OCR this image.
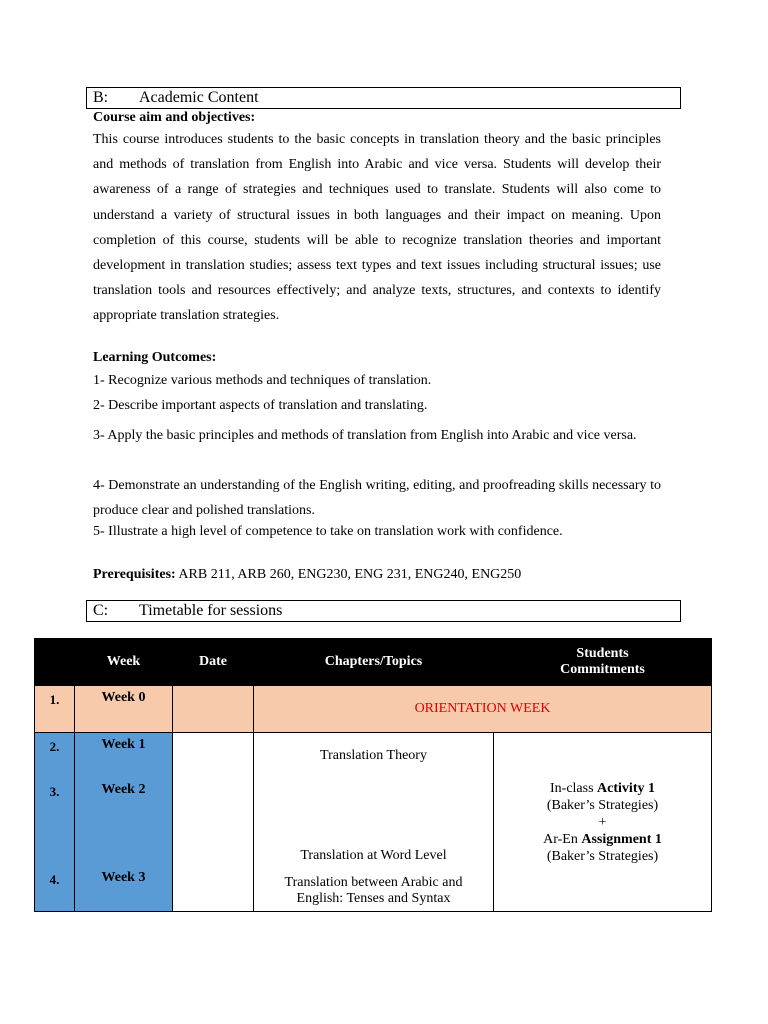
B: Academic Content
Course aim and objectives:

This course introduces students to the basic concepts in translation theory and the basic principles and methods of translation from English into Arabic and vice versa. Students will develop their awareness of a range of strategies and techniques used to translate. Students will also come to understand a variety of structural issues in both languages and their impact on meaning. Upon completion of this course, students will be able to recognize translation theories and important development in translation studies; assess text types and text issues including structural issues; use translation tools and resources effectively; and analyze texts, structures, and contexts to identify appropriate translation strategies.

Learning Outcomes:
1- Recognize various methods and techniques of translation.
2- Describe important aspects of translation and translating.
3- Apply the basic principles and methods of translation from English into Arabic and vice versa.
4- Demonstrate an understanding of the English writing, editing, and proofreading skills necessary to produce clear and polished translations.
5- Illustrate a high level of competence to take on translation work with confidence.
Prerequisites: ARB 211, ARB 260, ENG230, ENG 231, ENG240, ENG250
C: Timetable for sessions
	Week	Date	Chapters/Topics	Students
Commitments
1.	Week 0		ORIENTATION WEEK	
2.	Week 1		Translation Theory	In-class Activity 1
(Baker’s Strategies)
+
Ar-En Assignment 1
(Baker’s Strategies)

3.	Week 2		Translation at Word Level	
4.	Week 3		Translation between Arabic and English: Tenses and Syntax	
